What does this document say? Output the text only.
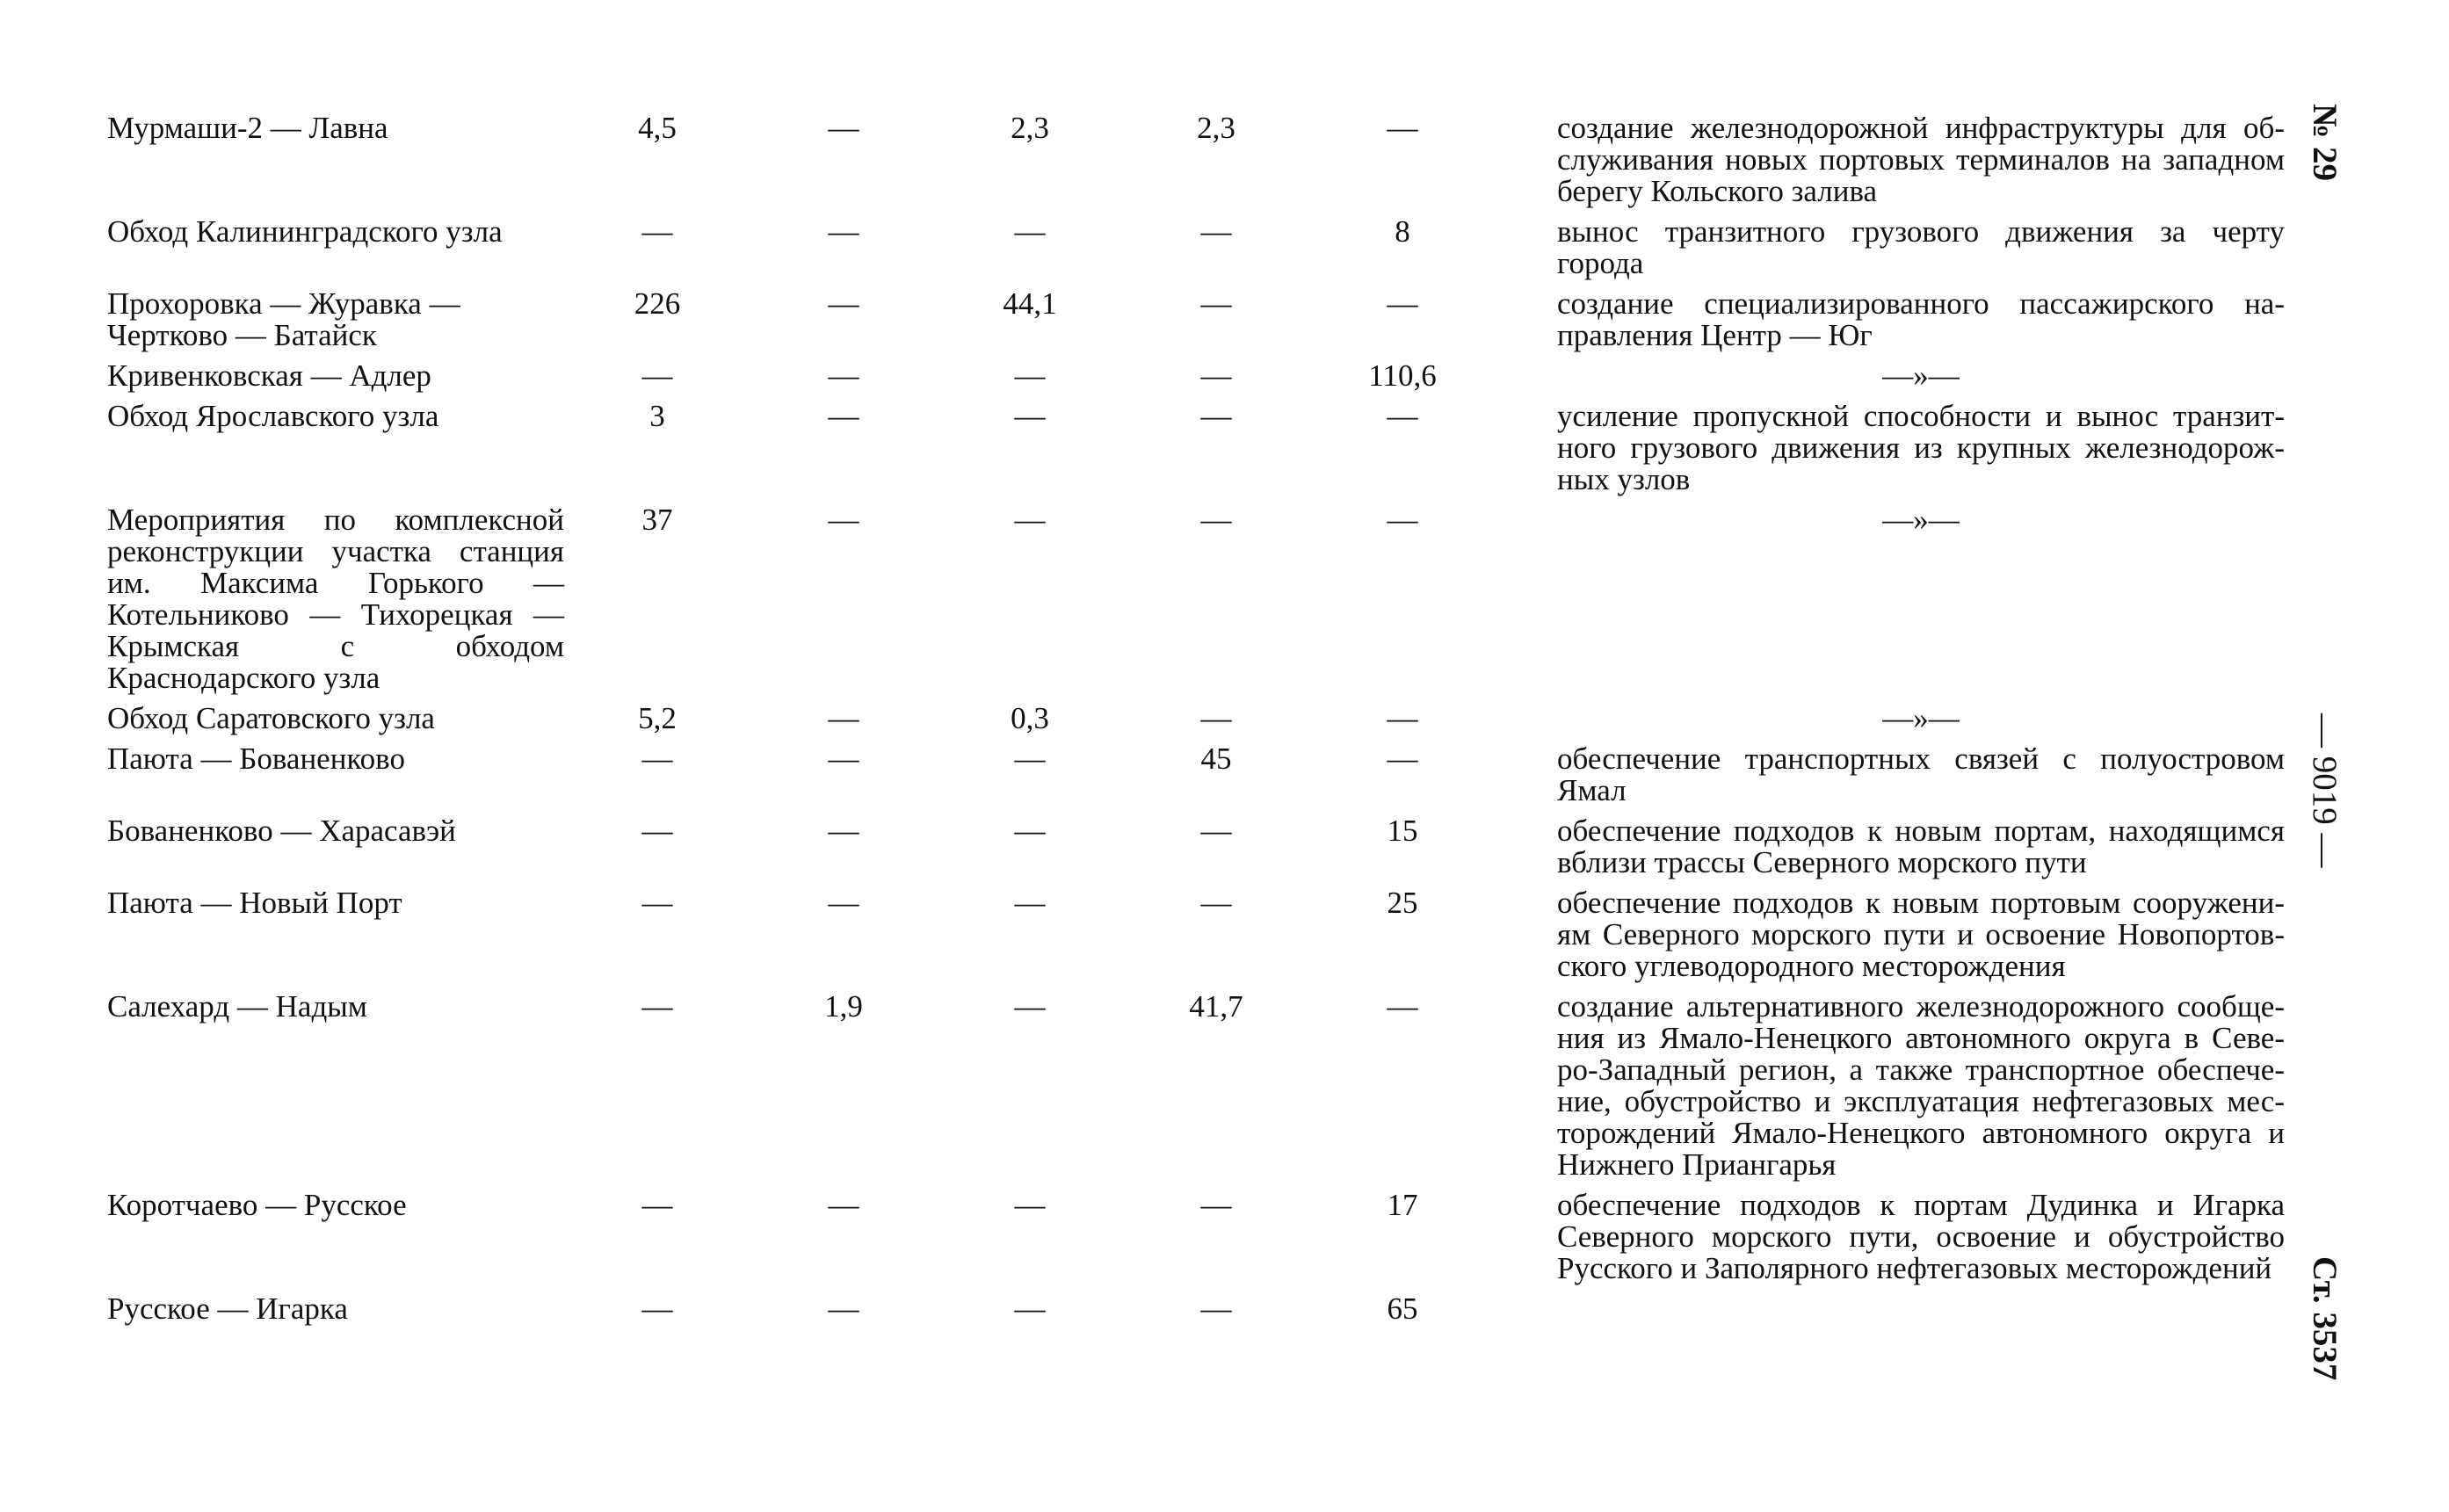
Мурмаши-2 — Лавна	4,5	—	2,3	2,3	—		создание железнодорожной инфраструктуры для об-служивания новых портовых терминалов на западном берегу Кольского залива
Обход Калининградского узла	—	—	—	—	8		вынос транзитного грузового движения за черту города
Прохоровка — Журавка — Чертково — Батайск	226	—	44,1	—	—		создание специализированного пассажирского на-правления Центр — Юг
Кривенковская — Адлер	—	—	—	—	110,6		—»—
Обход Ярославского узла	3	—	—	—	—		усиление пропускной способности и вынос транзит-ного грузового движения из крупных железнодорож-ных узлов
Мероприятия по комплексной реконструкции участка станция им. Максима Горького — Котельниково — Тихорецкая — Крымская с обходом Краснодарского узла	37	—	—	—	—		—»—
Обход Саратовского узла	5,2	—	0,3	—	—		—»—
Паюта — Бованенково	—	—	—	45	—		обеспечение транспортных связей с полуостровом Ямал
Бованенково — Харасавэй	—	—	—	—	15		обеспечение подходов к новым портам, находящимся вблизи трассы Северного морского пути
Паюта — Новый Порт	—	—	—	—	25		обеспечение подходов к новым портовым сооружени-ям Северного морского пути и освоение Новопортов-ского углеводородного месторождения
Салехард — Надым	—	1,9	—	41,7	—		создание альтернативного железнодорожного сообще-ния из Ямало-Ненецкого автономного округа в Севе-ро-Западный регион, а также транспортное обеспече-ние, обустройство и эксплуатация нефтегазовых мес-торождений Ямало-Ненецкого автономного округа и Нижнего Приангарья
Коротчаево — Русское	—	—	—	—	17		обеспечение подходов к портам Дудинка и Игарка Северного морского пути, освоение и обустройство Русского и Заполярного нефтегазовых месторождений
Русское — Игарка	—	—	—	—	65		
№ 29
— 9019 —
Ст. 3537
